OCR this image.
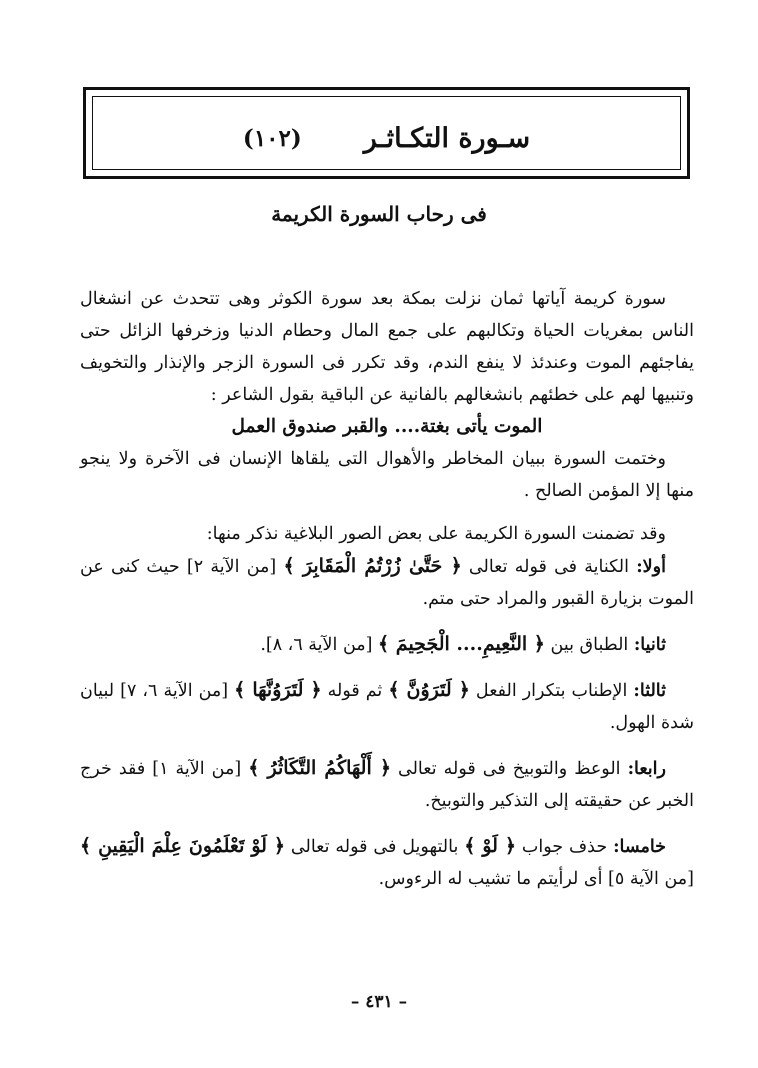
سـورة التكـاثـر
(١٠٢)
فى رحاب السورة الكريمة

سورة كريمة آياتها ثمان نزلت بمكة بعد سورة الكوثر وهى تتحدث عن انشغال الناس بمغريات الحياة وتكالبهم على جمع المال وحطام الدنيا وزخرفها الزائل حتى يفاجئهم الموت وعندئذ لا ينفع الندم، وقد تكرر فى السورة الزجر والإنذار والتخويف وتنبيها لهم على خطئهم بانشغالهم بالفانية عن الباقية بقول الشاعر :

الموت يأتى بغتة.... والقبر صندوق العمل

وختمت السورة ببيان المخاطر والأهوال التى يلقاها الإنسان فى الآخرة ولا ينجو منها إلا المؤمن الصالح .

وقد تضمنت السورة الكريمة على بعض الصور البلاغية نذكر منها:

أولا: الكناية فى قوله تعالى ﴿ حَتَّىٰ زُرْتُمُ الْمَقَابِرَ ﴾ [من الآية ٢] حيث كنى عن الموت بزيارة القبور والمراد حتى متم.

ثانيا: الطباق بين ﴿ النَّعِيمِ.... الْجَحِيمَ ﴾ [من الآية ٦، ٨].

ثالثا: الإطناب بتكرار الفعل ﴿ لَتَرَوُنَّ ﴾ ثم قوله ﴿ لَتَرَوُنَّهَا ﴾ [من الآية ٦، ٧] لبيان شدة الهول.

رابعا: الوعظ والتوبيخ فى قوله تعالى ﴿ أَلْهَاكُمُ التَّكَاثُرُ ﴾ [من الآية ١] فقد خرج الخبر عن حقيقته إلى التذكير والتوبيخ.

خامسا: حذف جواب ﴿ لَوْ ﴾ بالتهويل فى قوله تعالى ﴿ لَوْ تَعْلَمُونَ عِلْمَ الْيَقِينِ ﴾ [من الآية ٥] أى لرأيتم ما تشيب له الرءوس.

– ٤٣١ –
